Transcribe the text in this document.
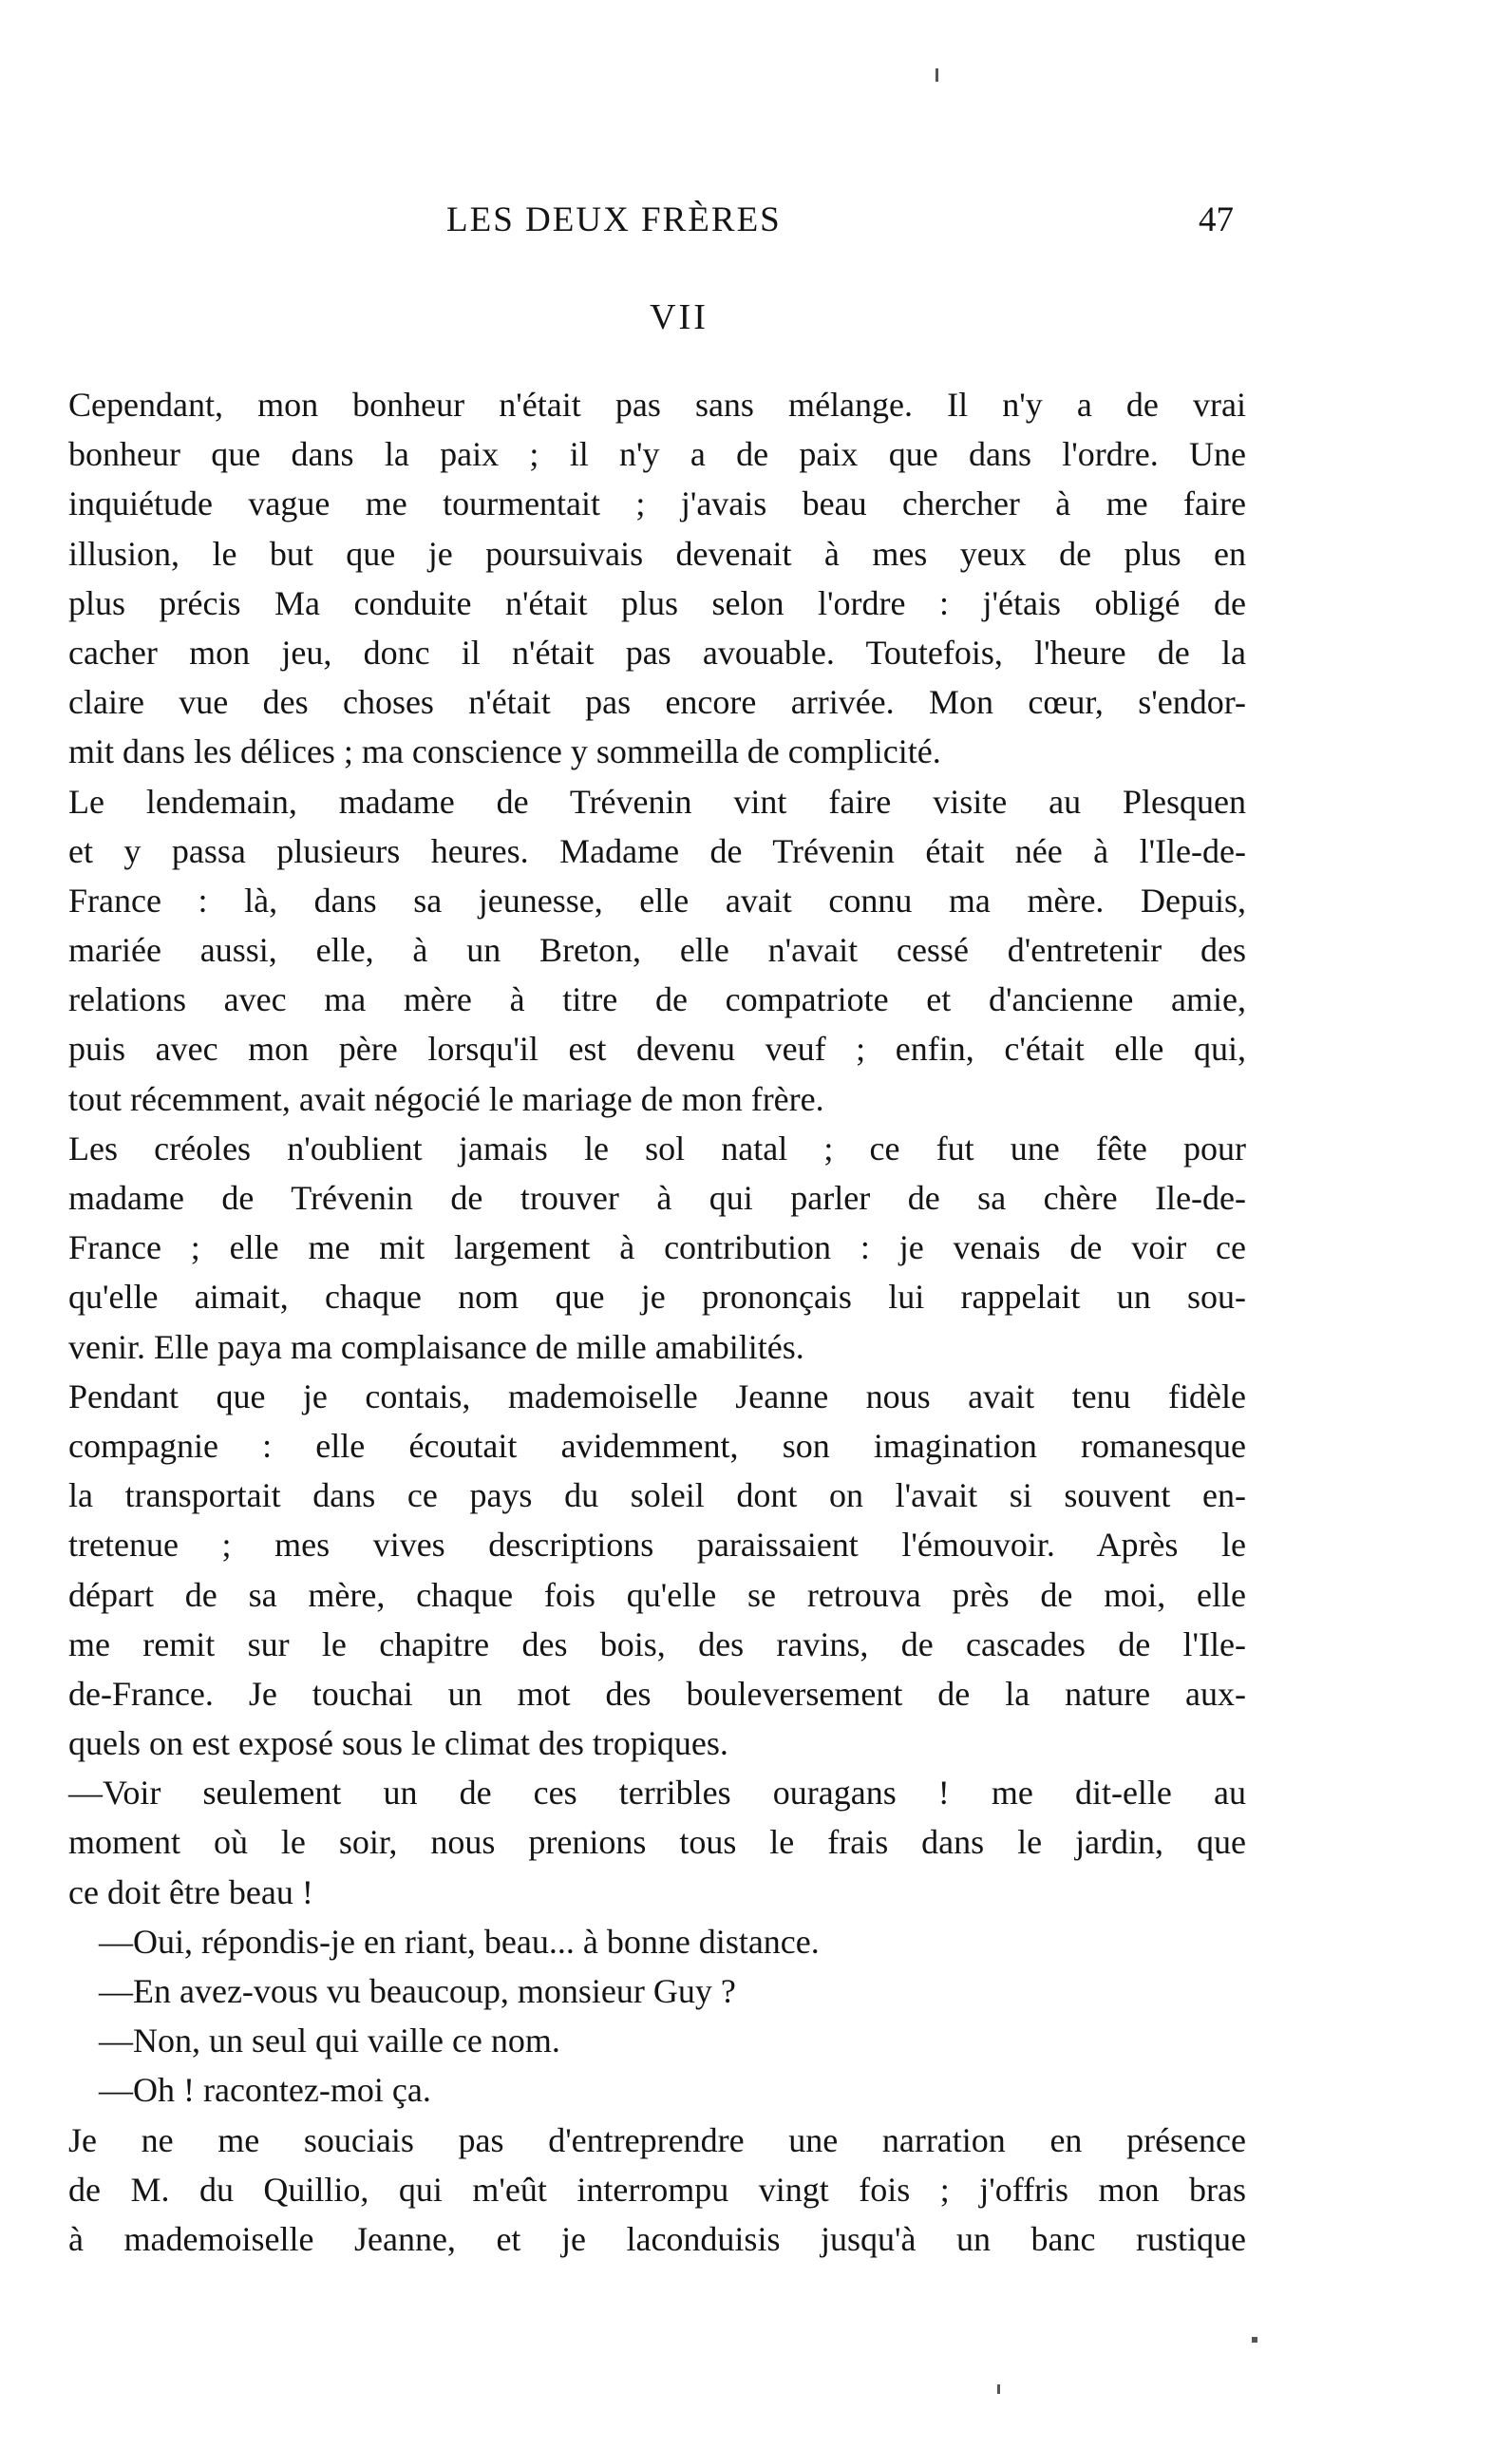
LES DEUX FRÈRES	47
VII
Cependant, mon bonheur n'était pas sans mélange. Il n'y a de vrai
bonheur que dans la paix ; il n'y a de paix que dans l'ordre. Une
inquiétude vague me tourmentait ; j'avais beau chercher à me faire
illusion, le but que je poursuivais devenait à mes yeux de plus en
plus précis Ma conduite n'était plus selon l'ordre : j'étais obligé de
cacher mon jeu, donc il n'était pas avouable. Toutefois, l'heure de la
claire vue des choses n'était pas encore arrivée. Mon cœur, s'endor-
mit dans les délices ; ma conscience y sommeilla de complicité.
Le lendemain, madame de Trévenin vint faire visite au Plesquen
et y passa plusieurs heures. Madame de Trévenin était née à l'Ile-de-
France : là, dans sa jeunesse, elle avait connu ma mère. Depuis,
mariée aussi, elle, à un Breton, elle n'avait cessé d'entretenir des
relations avec ma mère à titre de compatriote et d'ancienne amie,
puis avec mon père lorsqu'il est devenu veuf ; enfin, c'était elle qui,
tout récemment, avait négocié le mariage de mon frère.
Les créoles n'oublient jamais le sol natal ; ce fut une fête pour
madame de Trévenin de trouver à qui parler de sa chère Ile-de-
France ; elle me mit largement à contribution : je venais de voir ce
qu'elle aimait, chaque nom que je prononçais lui rappelait un sou-
venir. Elle paya ma complaisance de mille amabilités.
Pendant que je contais, mademoiselle Jeanne nous avait tenu fidèle
compagnie : elle écoutait avidemment, son imagination romanesque
la transportait dans ce pays du soleil dont on l'avait si souvent en-
tretenue ; mes vives descriptions paraissaient l'émouvoir. Après le
départ de sa mère, chaque fois qu'elle se retrouva près de moi, elle
me remit sur le chapitre des bois, des ravins, de cascades de l'Ile-
de-France. Je touchai un mot des bouleversement de la nature aux-
quels on est exposé sous le climat des tropiques.
—Voir seulement un de ces terribles ouragans ! me dit-elle au
moment où le soir, nous prenions tous le frais dans le jardin, que
ce doit être beau !
—Oui, répondis-je en riant, beau... à bonne distance.
—En avez-vous vu beaucoup, monsieur Guy ?
—Non, un seul qui vaille ce nom.
—Oh ! racontez-moi ça.
Je ne me souciais pas d'entreprendre une narration en présence
de M. du Quillio, qui m'eût interrompu vingt fois ; j'offris mon bras
à mademoiselle Jeanne, et je laconduisis jusqu'à un banc rustique
